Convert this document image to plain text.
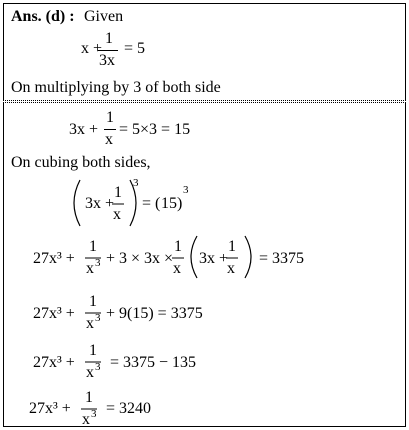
Ans. (d) : Given
x +
1
3x
= 5
On multiplying by 3 of both side
3x +
1
x
= 5×3 = 15
On cubing both sides,
3x +
1
x
3
= ( 15 )
3
27x³ +
1
x 3 + 3 × 3x ×
1
x
3x +
1
x
= 3375
27x³ +
1
x 3 + 9(15) = 3375
27x³ +
1
x 3 = 3375 − 135
27x³ +
1
x 3 = 3240
